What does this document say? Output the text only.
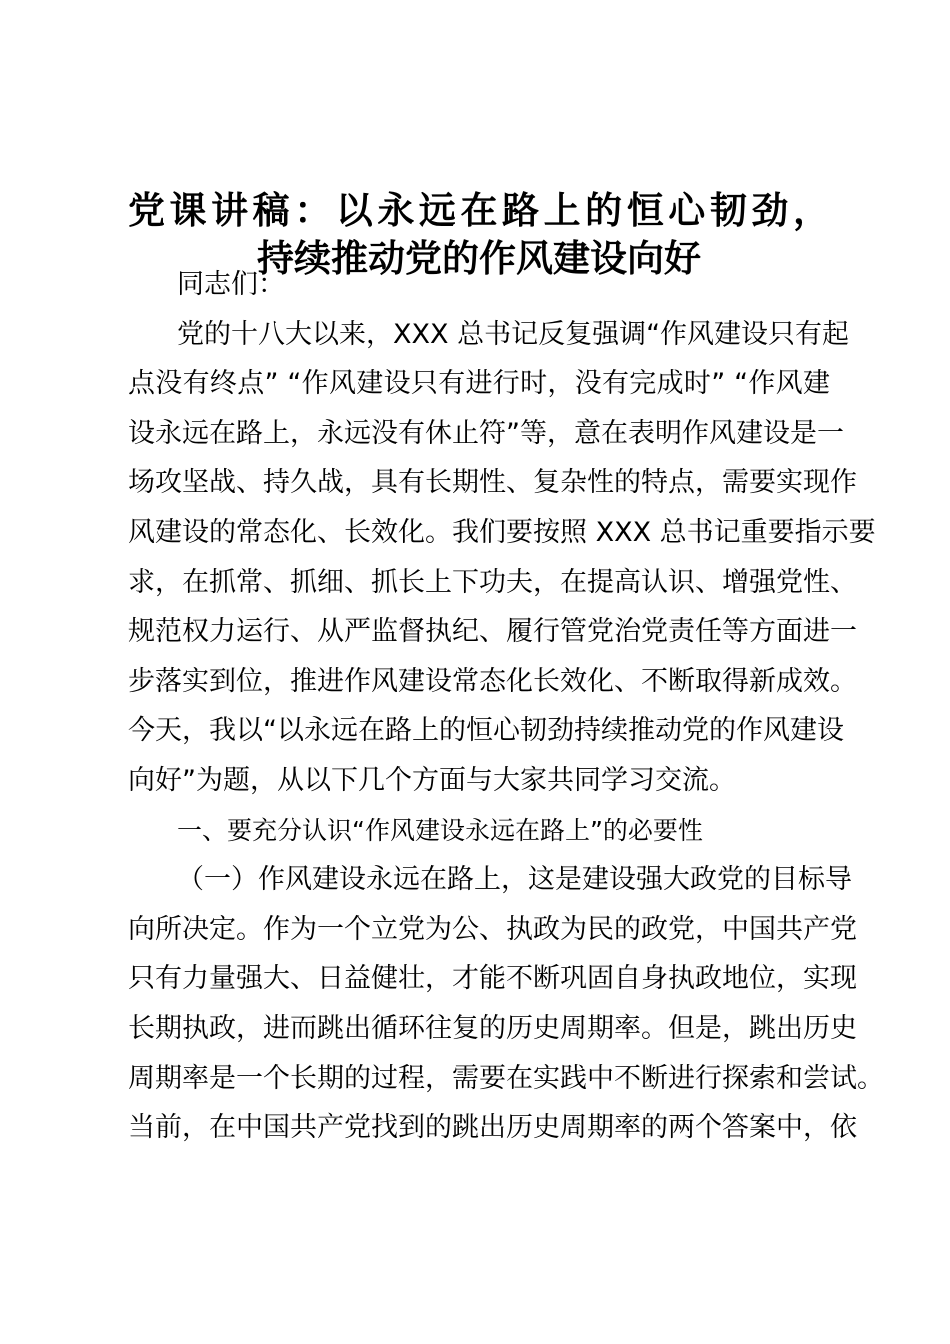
党课讲稿：以永远在路上的恒心韧劲，
持续推动党的作风建设向好
同志们：
党的十八大以来，XXX 总书记反复强调“作风建设只有起
点没有终点” “作风建设只有进行时，没有完成时” “作风建
设永远在路上，永远没有休止符”等，意在表明作风建设是一
场攻坚战、持久战，具有长期性、复杂性的特点，需要实现作
风建设的常态化、长效化。我们要按照 XXX 总书记重要指示要
求，在抓常、抓细、抓长上下功夫，在提高认识、增强党性、
规范权力运行、从严监督执纪、履行管党治党责任等方面进一
步落实到位，推进作风建设常态化长效化、不断取得新成效。
今天，我以“以永远在路上的恒心韧劲持续推动党的作风建设
向好”为题，从以下几个方面与大家共同学习交流。
一、要充分认识“作风建设永远在路上”的必要性
（一）作风建设永远在路上，这是建设强大政党的目标导
向所决定。作为一个立党为公、执政为民的政党，中国共产党
只有力量强大、日益健壮，才能不断巩固自身执政地位，实现
长期执政，进而跳出循环往复的历史周期率。但是，跳出历史
周期率是一个长期的过程，需要在实践中不断进行探索和尝试。
当前，在中国共产党找到的跳出历史周期率的两个答案中，依
